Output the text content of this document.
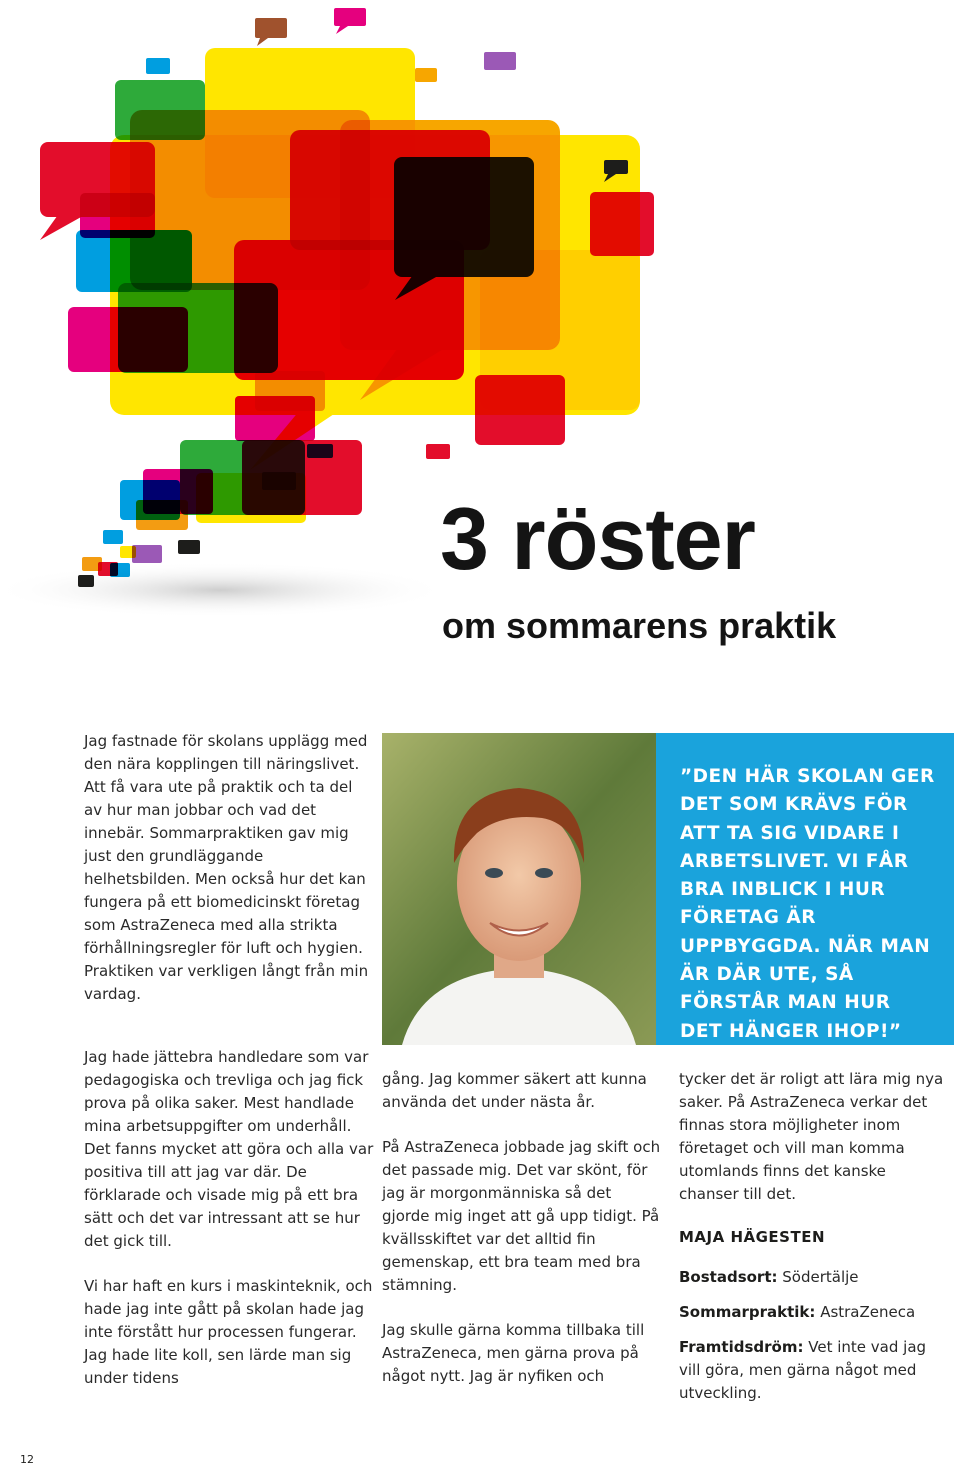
3 röster
om sommarens praktik

Jag fastnade för skolans upplägg med den nära kopplingen till näringslivet. Att få vara ute på praktik och ta del av hur man jobbar och vad det innebär. Sommarpraktiken gav mig just den grundläggande helhetsbilden. Men också hur det kan fungera på ett biomedicinskt företag som AstraZeneca med alla strikta förhållningsregler för luft och hygien. Praktiken var verkligen långt från min vardag.

”DEN HÄR SKOLAN GER DET SOM KRÄVS FÖR ATT TA SIG VIDARE I ARBETSLIVET. VI FÅR BRA INBLICK I HUR FÖRETAG ÄR UPPBYGGDA. NÄR MAN ÄR DÄR UTE, SÅ FÖRSTÅR MAN HUR DET HÄNGER IHOP!”

Jag hade jättebra handledare som var pedagogiska och trevliga och jag fick prova på olika saker. Mest handlade mina arbetsuppgifter om underhåll. Det fanns mycket att göra och alla var positiva till att jag var där. De förklarade och visade mig på ett bra sätt och det var intressant att se hur det gick till.

Vi har haft en kurs i maskinteknik, och hade jag inte gått på skolan hade jag inte förstått hur processen fungerar. Jag hade lite koll, sen lärde man sig under tidens

gång. Jag kommer säkert att kunna använda det under nästa år.

På AstraZeneca jobbade jag skift och det passade mig. Det var skönt, för jag är morgonmänniska så det gjorde mig inget att gå upp tidigt. På kvällsskiftet var det alltid fin gemenskap, ett bra team med bra stämning.

Jag skulle gärna komma tillbaka till AstraZeneca, men gärna prova på något nytt. Jag är nyfiken och

tycker det är roligt att lära mig nya saker. På AstraZeneca verkar det finnas stora möjligheter inom företaget och vill man komma utomlands finns det kanske chanser till det.

MAJA HÄGESTEN

Bostadsort: Södertälje

Sommarpraktik: AstraZeneca

Framtidsdröm: Vet inte vad jag vill göra, men gärna något med utveckling.

12
